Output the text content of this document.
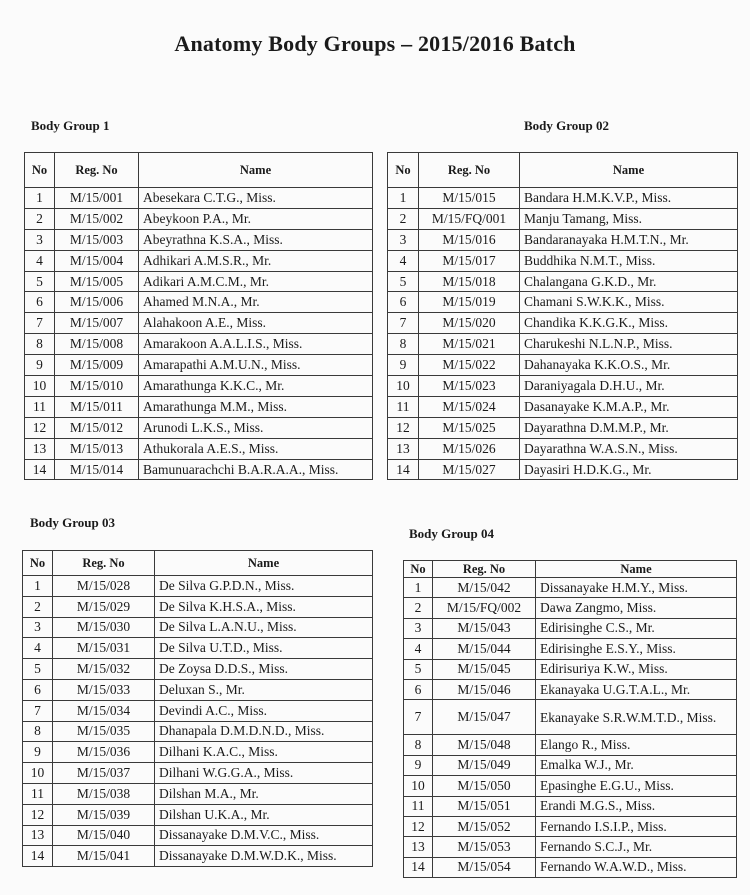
Anatomy Body Groups – 2015/2016 Batch
Body Group 1
No	Reg. No	Name
1	M/15/001	Abesekara C.T.G., Miss.
2	M/15/002	Abeykoon P.A., Mr.
3	M/15/003	Abeyrathna K.S.A., Miss.
4	M/15/004	Adhikari A.M.S.R., Mr.
5	M/15/005	Adikari A.M.C.M., Mr.
6	M/15/006	Ahamed M.N.A., Mr.
7	M/15/007	Alahakoon A.E., Miss.
8	M/15/008	Amarakoon A.A.L.I.S., Miss.
9	M/15/009	Amarapathi A.M.U.N., Miss.
10	M/15/010	Amarathunga K.K.C., Mr.
11	M/15/011	Amarathunga M.M., Miss.
12	M/15/012	Arunodi L.K.S., Miss.
13	M/15/013	Athukorala A.E.S., Miss.
14	M/15/014	Bamunuarachchi B.A.R.A.A., Miss.
Body Group 02
No	Reg. No	Name
1	M/15/015	Bandara H.M.K.V.P., Miss.
2	M/15/FQ/001	Manju Tamang, Miss.
3	M/15/016	Bandaranayaka H.M.T.N., Mr.
4	M/15/017	Buddhika N.M.T., Miss.
5	M/15/018	Chalangana G.K.D., Mr.
6	M/15/019	Chamani S.W.K.K., Miss.
7	M/15/020	Chandika K.K.G.K., Miss.
8	M/15/021	Charukeshi N.L.N.P., Miss.
9	M/15/022	Dahanayaka K.K.O.S., Mr.
10	M/15/023	Daraniyagala D.H.U., Mr.
11	M/15/024	Dasanayake K.M.A.P., Mr.
12	M/15/025	Dayarathna D.M.M.P., Mr.
13	M/15/026	Dayarathna W.A.S.N., Miss.
14	M/15/027	Dayasiri H.D.K.G., Mr.
Body Group 03
No	Reg. No	Name
1	M/15/028	De Silva G.P.D.N., Miss.
2	M/15/029	De Silva K.H.S.A., Miss.
3	M/15/030	De Silva L.A.N.U., Miss.
4	M/15/031	De Silva U.T.D., Miss.
5	M/15/032	De Zoysa D.D.S., Miss.
6	M/15/033	Deluxan S., Mr.
7	M/15/034	Devindi A.C., Miss.
8	M/15/035	Dhanapala D.M.D.N.D., Miss.
9	M/15/036	Dilhani K.A.C., Miss.
10	M/15/037	Dilhani W.G.G.A., Miss.
11	M/15/038	Dilshan M.A., Mr.
12	M/15/039	Dilshan U.K.A., Mr.
13	M/15/040	Dissanayake D.M.V.C., Miss.
14	M/15/041	Dissanayake D.M.W.D.K., Miss.
Body Group 04
No	Reg. No	Name
1	M/15/042	Dissanayake H.M.Y., Miss.
2	M/15/FQ/002	Dawa Zangmo, Miss.
3	M/15/043	Edirisinghe C.S., Mr.
4	M/15/044	Edirisinghe E.S.Y., Miss.
5	M/15/045	Edirisuriya K.W., Miss.
6	M/15/046	Ekanayaka U.G.T.A.L., Mr.
7	M/15/047	Ekanayake S.R.W.M.T.D., Miss.
8	M/15/048	Elango R., Miss.
9	M/15/049	Emalka W.J., Mr.
10	M/15/050	Epasinghe E.G.U., Miss.
11	M/15/051	Erandi M.G.S., Miss.
12	M/15/052	Fernando I.S.I.P., Miss.
13	M/15/053	Fernando S.C.J., Mr.
14	M/15/054	Fernando W.A.W.D., Miss.
